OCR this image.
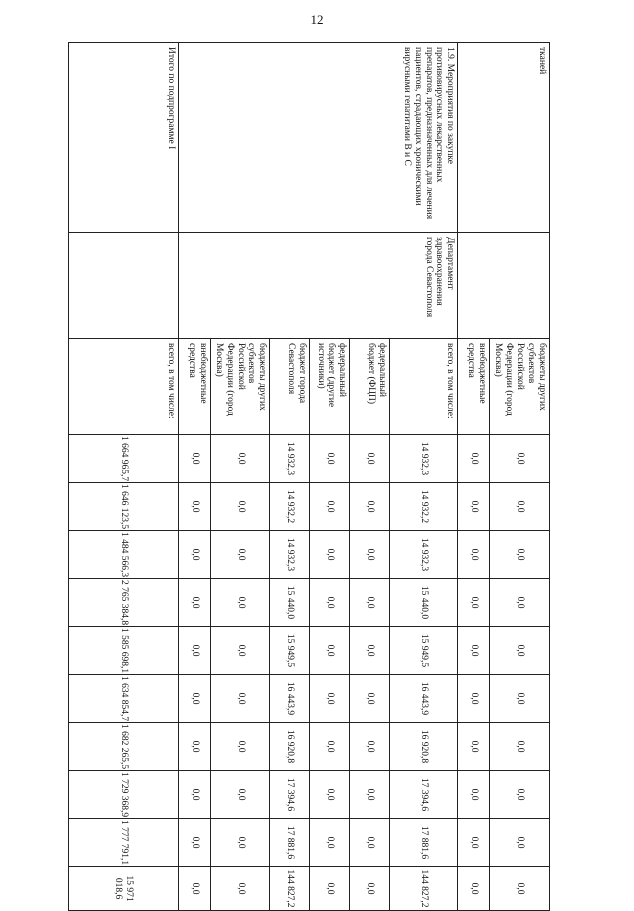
12
тканей		бюджеты других субъектов Российской Федерации (город Москва)	0,0	0,0	0,0	0,0	0,0	0,0	0,0	0,0	0,0	0,0
		внебюджетные средства	0,0	0,0	0,0	0,0	0,0	0,0	0,0	0,0	0,0	0,0
1.9. Мероприятия по закупке противовирусных лекарственных препаратов, предназначенных для лечения пациентов, страдающих хроническими вирусными гепатитами В и С	Департамент здравоохранения города Севастополя	всего, в том числе:	14 932,3	14 932,2	14 932,3	15 440,0	15 949,5	16 443,9	16 920,8	17 394,6	17 881,6	144 827,2
		федеральный бюджет (ФЦП)	0,0	0,0	0,0	0,0	0,0	0,0	0,0	0,0	0,0	0,0
		федеральный бюджет (другие источники)	0,0	0,0	0,0	0,0	0,0	0,0	0,0	0,0	0,0	0,0
		бюджет города Севастополя	14 932,3	14 932,2	14 932,3	15 440,0	15 949,5	16 443,9	16 920,8	17 394,6	17 881,6	144 827,2
		бюджеты других субъектов Российской Федерации (город Москва)	0,0	0,0	0,0	0,0	0,0	0,0	0,0	0,0	0,0	0,0
		внебюджетные средства	0,0	0,0	0,0	0,0	0,0	0,0	0,0	0,0	0,0	0,0
Итого по подпрограмме I		всего, в том числе:	1 664 965,7	1 646 123,5	1 484 566,3	2 765 384,8	1 585 698,1	1 634 854,7	1 682 265,5	1 729 368,9	1 777 791,1	15 971 018,6
